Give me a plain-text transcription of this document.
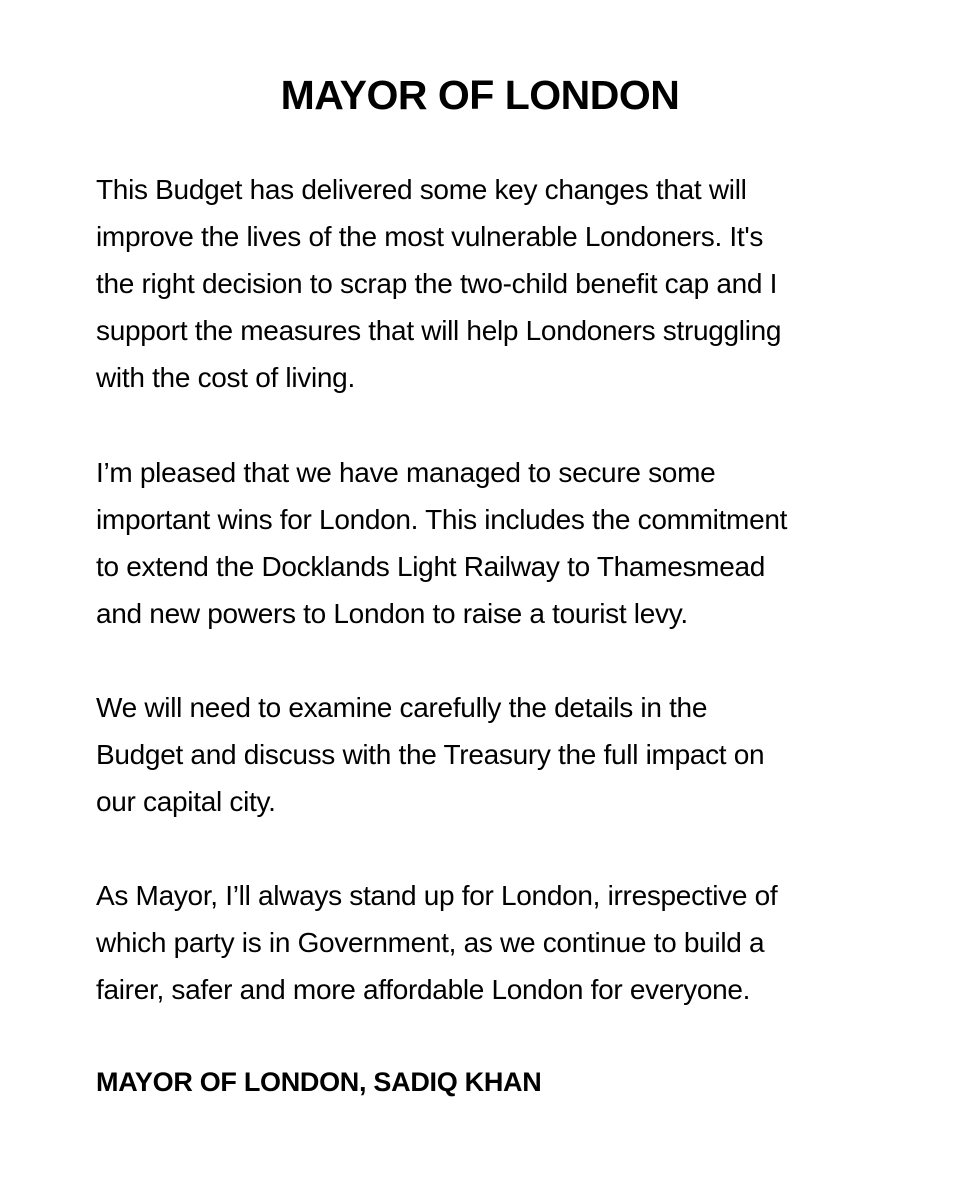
MAYOR OF LONDON

This Budget has delivered some key changes that will
improve the lives of the most vulnerable Londoners. It's
the right decision to scrap the two-child benefit cap and I
support the measures that will help Londoners struggling
with the cost of living.

I’m pleased that we have managed to secure some
important wins for London. This includes the commitment
to extend the Docklands Light Railway to Thamesmead
and new powers to London to raise a tourist levy.

We will need to examine carefully the details in the
Budget and discuss with the Treasury the full impact on
our capital city.

As Mayor, I’ll always stand up for London, irrespective of
which party is in Government, as we continue to build a
fairer, safer and more affordable London for everyone.

MAYOR OF LONDON, SADIQ KHAN
